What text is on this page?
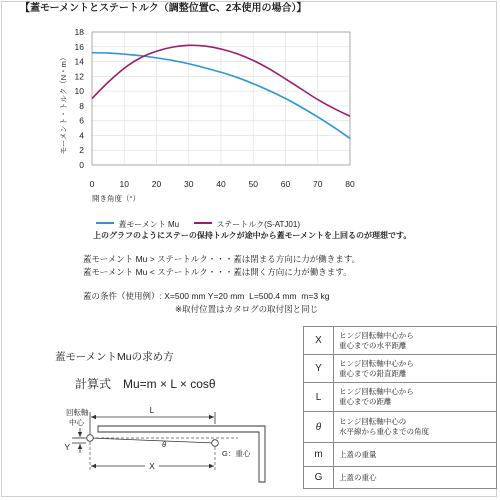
【蓋モーメントとステートルク（調整位置C、2本使用の場合）】
0
2
4
6
8
10
12
14
16
18
0	10	20	30	40	50	60	70	80
モーメント・トルク（N・m）
開き角度（°）

蓋モーメント Mu	ステートルク(S-ATJ01)

上のグラフのようにステーの保持トルクが途中から蓋モーメントを上回るのが理想です。
蓋モーメント Mu > ステートルク・・・蓋は閉まる方向に力が働きます。
蓋モーメント Mu < ステートルク・・・蓋は開く方向に力が働きます。
蓋の条件（使用例）: X=500 mm Y=20 mm  L=500.4 mm  m=3 kg
※取付位置はカタログの取付図と同じ
蓋モーメントMuの求め方
計算式　Mu=m × L × cosθ
L
θ
X
Y
回転軸
中心
G：重心
X	ヒンジ回転軸中心から
重心までの水平距離

Y	ヒンジ回転軸中心から
重心までの鉛直距離

L	ヒンジ回転軸中心から
重心までの距離

θ	ヒンジ回転軸中心の
水平線から重心までの角度

m	上蓋の重量

G	上蓋の重心
